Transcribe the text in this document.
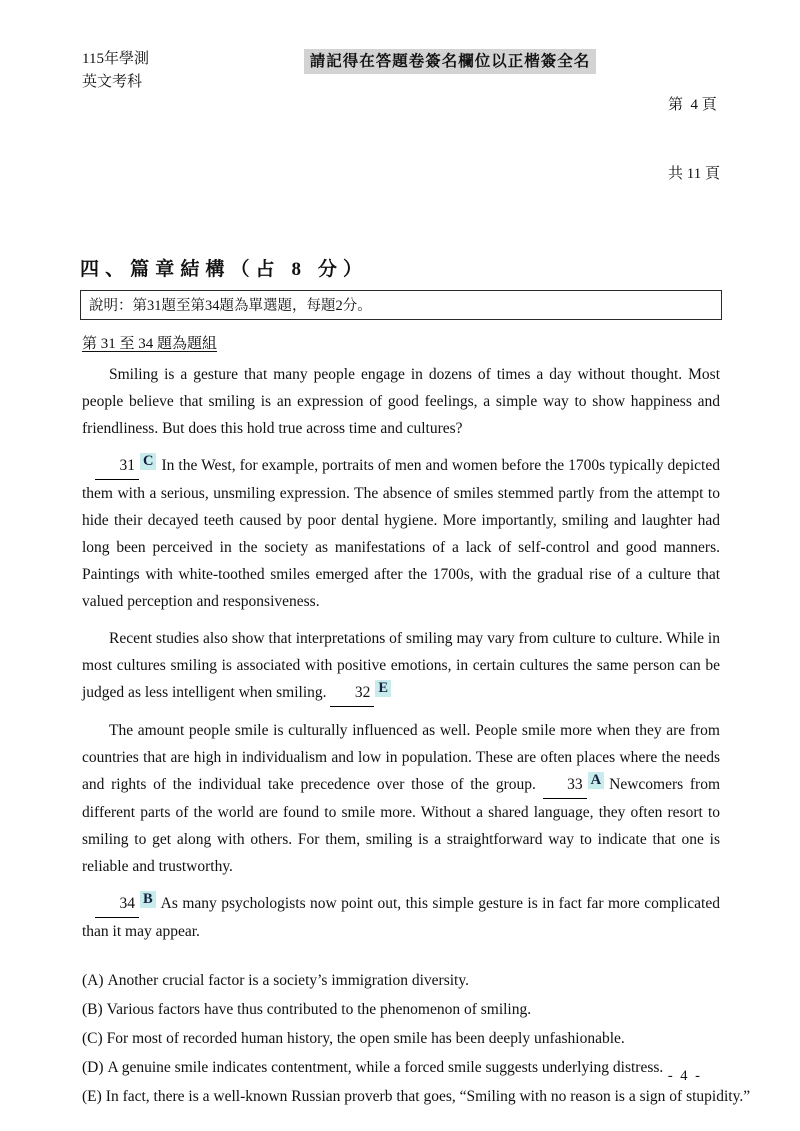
115年學測
英文考科
請記得在答題卷簽名欄位以正楷簽全名

第  4 頁

共 11 頁

四、篇章結構（占 8 分）
說明：第31題至第34題為單選題，每題2分。
第 31 至 34 題為題組

Smiling is a gesture that many people engage in dozens of times a day without thought. Most people believe that smiling is an expression of good feelings, a simple way to show happiness and friendliness. But does this hold true across time and cultures?

31 C In the West, for example, portraits of men and women before the 1700s typically depicted them with a serious, unsmiling expression. The absence of smiles stemmed partly from the attempt to hide their decayed teeth caused by poor dental hygiene. More importantly, smiling and laughter had long been perceived in the society as manifestations of a lack of self-control and good manners. Paintings with white-toothed smiles emerged after the 1700s, with the gradual rise of a culture that valued perception and responsiveness.

Recent studies also show that interpretations of smiling may vary from culture to culture. While in most cultures smiling is associated with positive emotions, in certain cultures the same person can be judged as less intelligent when smiling. 32 E

The amount people smile is culturally influenced as well. People smile more when they are from countries that are high in individualism and low in population. These are often places where the needs and rights of the individual take precedence over those of the group. 33 A Newcomers from different parts of the world are found to smile more. Without a shared language, they often resort to smiling to get along with others. For them, smiling is a straightforward way to indicate that one is reliable and trustworthy.

34 B As many psychologists now point out, this simple gesture is in fact far more complicated than it may appear.

(A) Another crucial factor is a society’s immigration diversity.
(B) Various factors have thus contributed to the phenomenon of smiling.
(C) For most of recorded human history, the open smile has been deeply unfashionable.
(D) A genuine smile indicates contentment, while a forced smile suggests underlying distress.
(E) In fact, there is a well-known Russian proverb that goes, “Smiling with no reason is a sign of stupidity.”
- 4 -
